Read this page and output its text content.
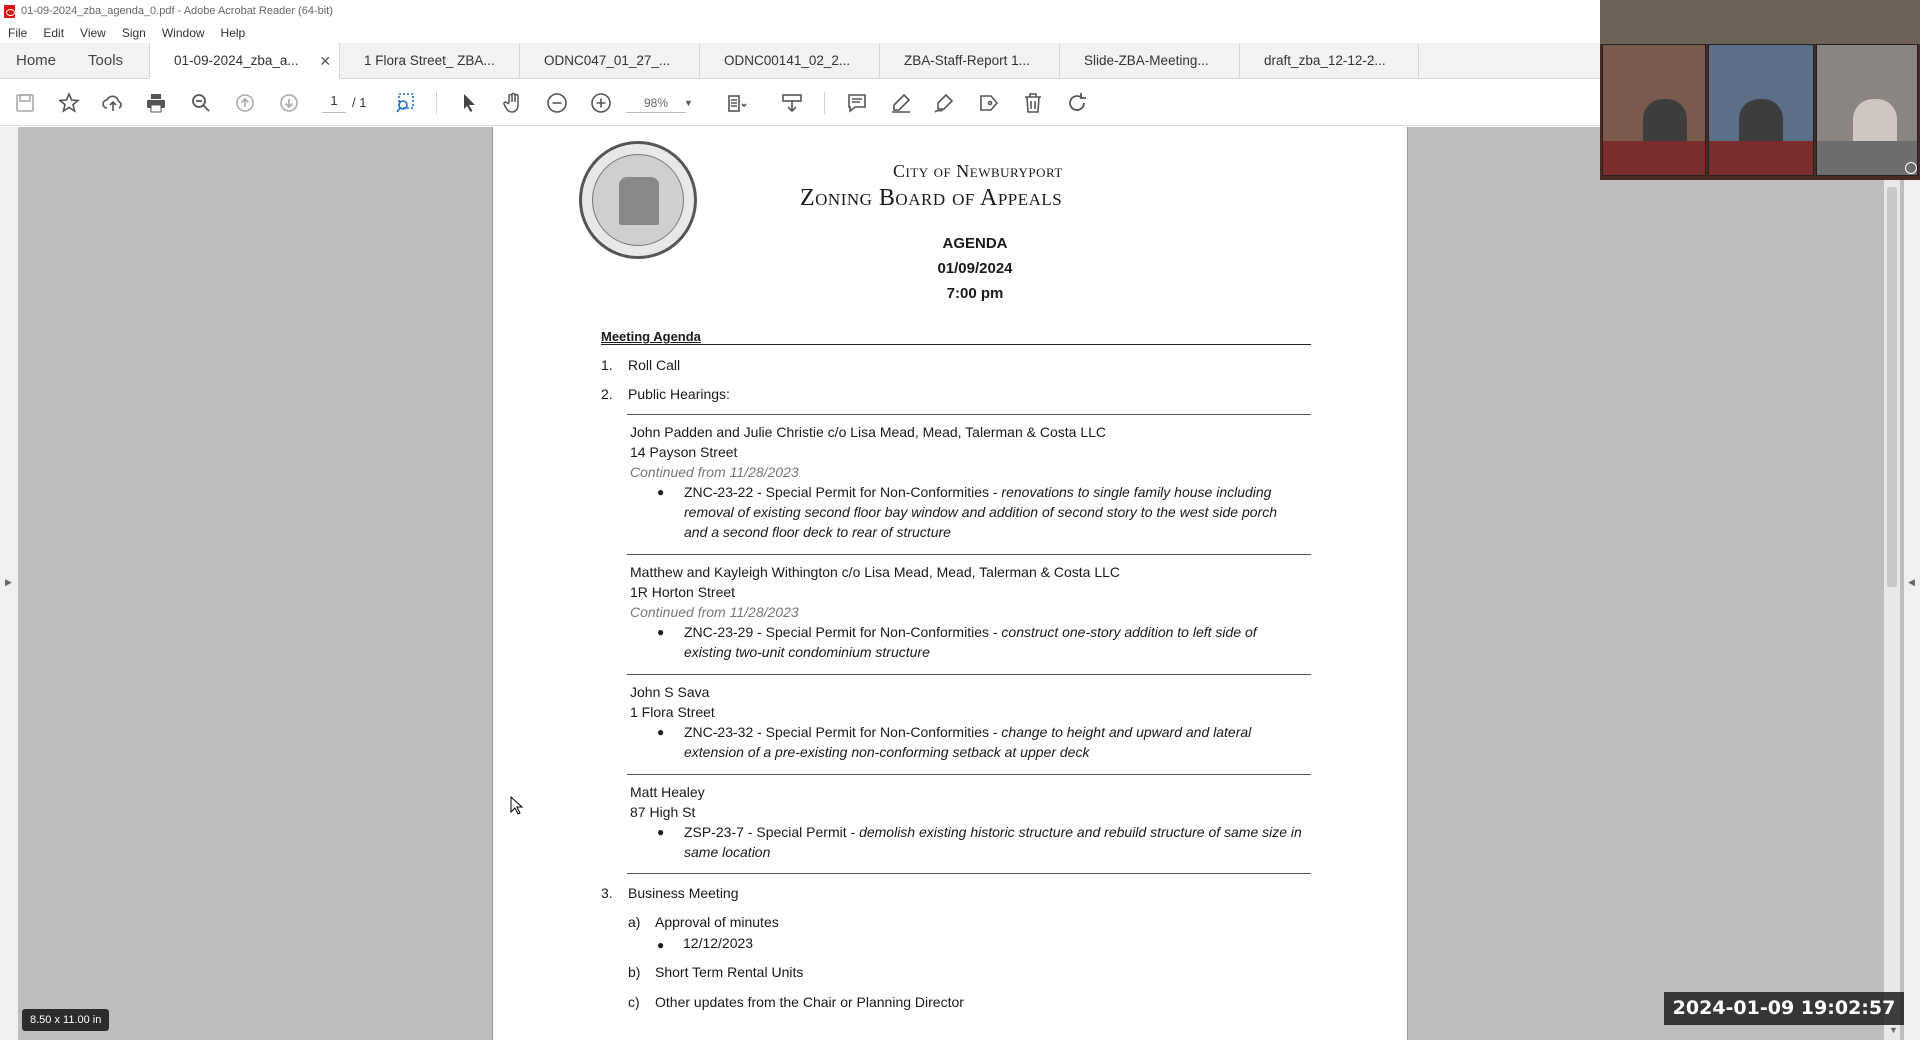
01-09-2024_zba_agenda_0.pdf - Adobe Acrobat Reader (64-bit)
File Edit View Sign Window Help
Home	Tools	01-09-2024_zba_a... ✕	1 Flora Street_ ZBA...	ODNC047_01_27_...	ODNC00141_02_2...	ZBA-Staff-Report 1...	Slide-ZBA-Meeting...	draft_zba_12-12-2...
1	/ 1	98%	▼
▶
City of Newburyport
Zoning Board of Appeals
AGENDA
01/09/2024
7:00 pm
Meeting Agenda
1. Roll Call
2. Public Hearings:
John Padden and Julie Christie c/o Lisa Mead, Mead, Talerman & Costa LLC
14 Payson Street
Continued from 11/28/2023
● ZNC-23-22 - Special Permit for Non-Conformities - renovations to single family house including removal of existing second floor bay window and addition of second story to the west side porch and a second floor deck to rear of structure
Matthew and Kayleigh Withington c/o Lisa Mead, Mead, Talerman & Costa LLC
1R Horton Street
Continued from 11/28/2023
● ZNC-23-29 - Special Permit for Non-Conformities - construct one-story addition to left side of existing two-unit condominium structure
John S Sava
1 Flora Street
● ZNC-23-32 - Special Permit for Non-Conformities - change to height and upward and lateral extension of a pre-existing non-conforming setback at upper deck
Matt Healey
87 High St
● ZSP-23-7 - Special Permit - demolish existing historic structure and rebuild structure of same size in same location
3. Business Meeting
a) Approval of minutes
● 12/12/2023
b) Short Term Rental Units
c) Other updates from the Chair or Planning Director
▼
◀
8.50 x 11.00 in
2024-01-09 19:02:57
